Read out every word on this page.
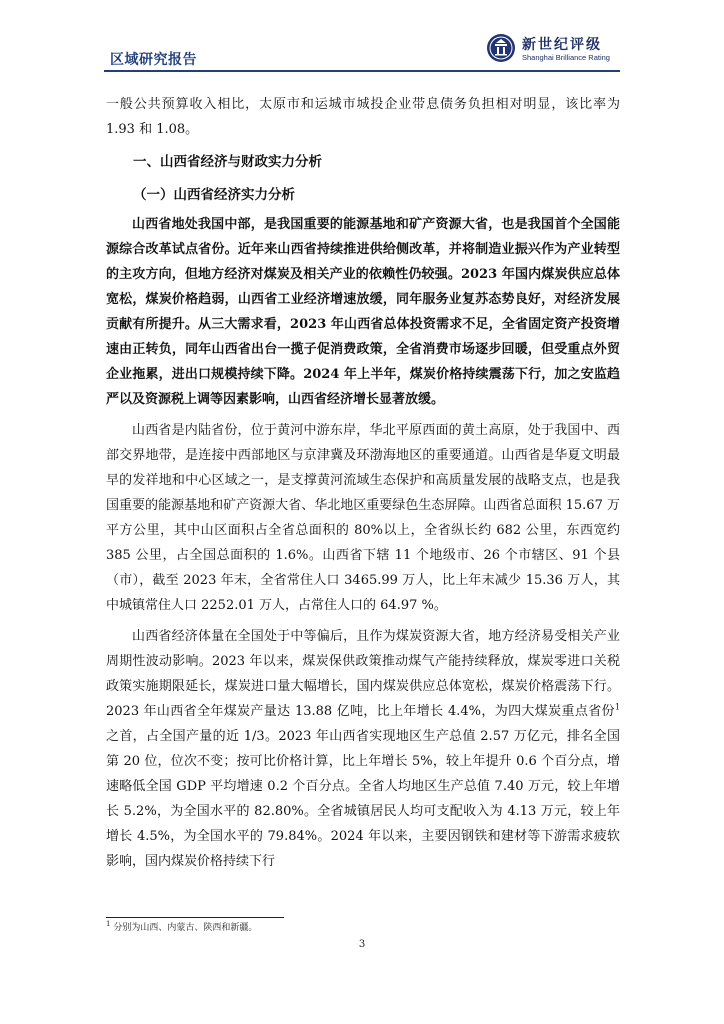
区域研究报告
新世纪评级
Shanghai Brilliance Rating

一般公共预算收入相比，太原市和运城市城投企业带息债务负担相对明显，该比率为 1.93 和 1.08。

一、山西省经济与财政实力分析
（一）山西省经济实力分析

山西省地处我国中部，是我国重要的能源基地和矿产资源大省，也是我国首个全国能源综合改革试点省份。近年来山西省持续推进供给侧改革，并将制造业振兴作为产业转型的主攻方向，但地方经济对煤炭及相关产业的依赖性仍较强。2023 年国内煤炭供应总体宽松，煤炭价格趋弱，山西省工业经济增速放缓，同年服务业复苏态势良好，对经济发展贡献有所提升。从三大需求看，2023 年山西省总体投资需求不足，全省固定资产投资增速由正转负，同年山西省出台一揽子促消费政策，全省消费市场逐步回暖，但受重点外贸企业拖累，进出口规模持续下降。2024 年上半年，煤炭价格持续震荡下行，加之安监趋严以及资源税上调等因素影响，山西省经济增长显著放缓。

山西省是内陆省份，位于黄河中游东岸，华北平原西面的黄土高原，处于我国中、西部交界地带，是连接中西部地区与京津冀及环渤海地区的重要通道。山西省是华夏文明最早的发祥地和中心区域之一，是支撑黄河流域生态保护和高质量发展的战略支点，也是我国重要的能源基地和矿产资源大省、华北地区重要绿色生态屏障。山西省总面积 15.67 万平方公里，其中山区面积占全省总面积的 80%以上，全省纵长约 682 公里，东西宽约 385 公里，占全国总面积的 1.6%。山西省下辖 11 个地级市、26 个市辖区、91 个县（市），截至 2023 年末，全省常住人口 3465.99 万人，比上年末减少 15.36 万人，其中城镇常住人口 2252.01 万人，占常住人口的 64.97 %。

山西省经济体量在全国处于中等偏后，且作为煤炭资源大省，地方经济易受相关产业周期性波动影响。2023 年以来，煤炭保供政策推动煤气产能持续释放，煤炭零进口关税政策实施期限延长，煤炭进口量大幅增长，国内煤炭供应总体宽松，煤炭价格震荡下行。2023 年山西省全年煤炭产量达 13.88 亿吨，比上年增长 4.4%，为四大煤炭重点省份$^1$之首，占全国产量的近 1/3。2023 年山西省实现地区生产总值 2.57 万亿元，排名全国第 20 位，位次不变；按可比价格计算，比上年增长 5%，较上年提升 0.6 个百分点，增速略低全国 GDP 平均增速 0.2 个百分点。全省人均地区生产总值 7.40 万元，较上年增长 5.2%，为全国水平的 82.80%。全省城镇居民人均可支配收入为 4.13 万元，较上年增长 4.5%，为全国水平的 79.84%。2024 年以来，主要因钢铁和建材等下游需求疲软影响，国内煤炭价格持续下行

$^1$ 分别为山西、内蒙古、陕西和新疆。
3
